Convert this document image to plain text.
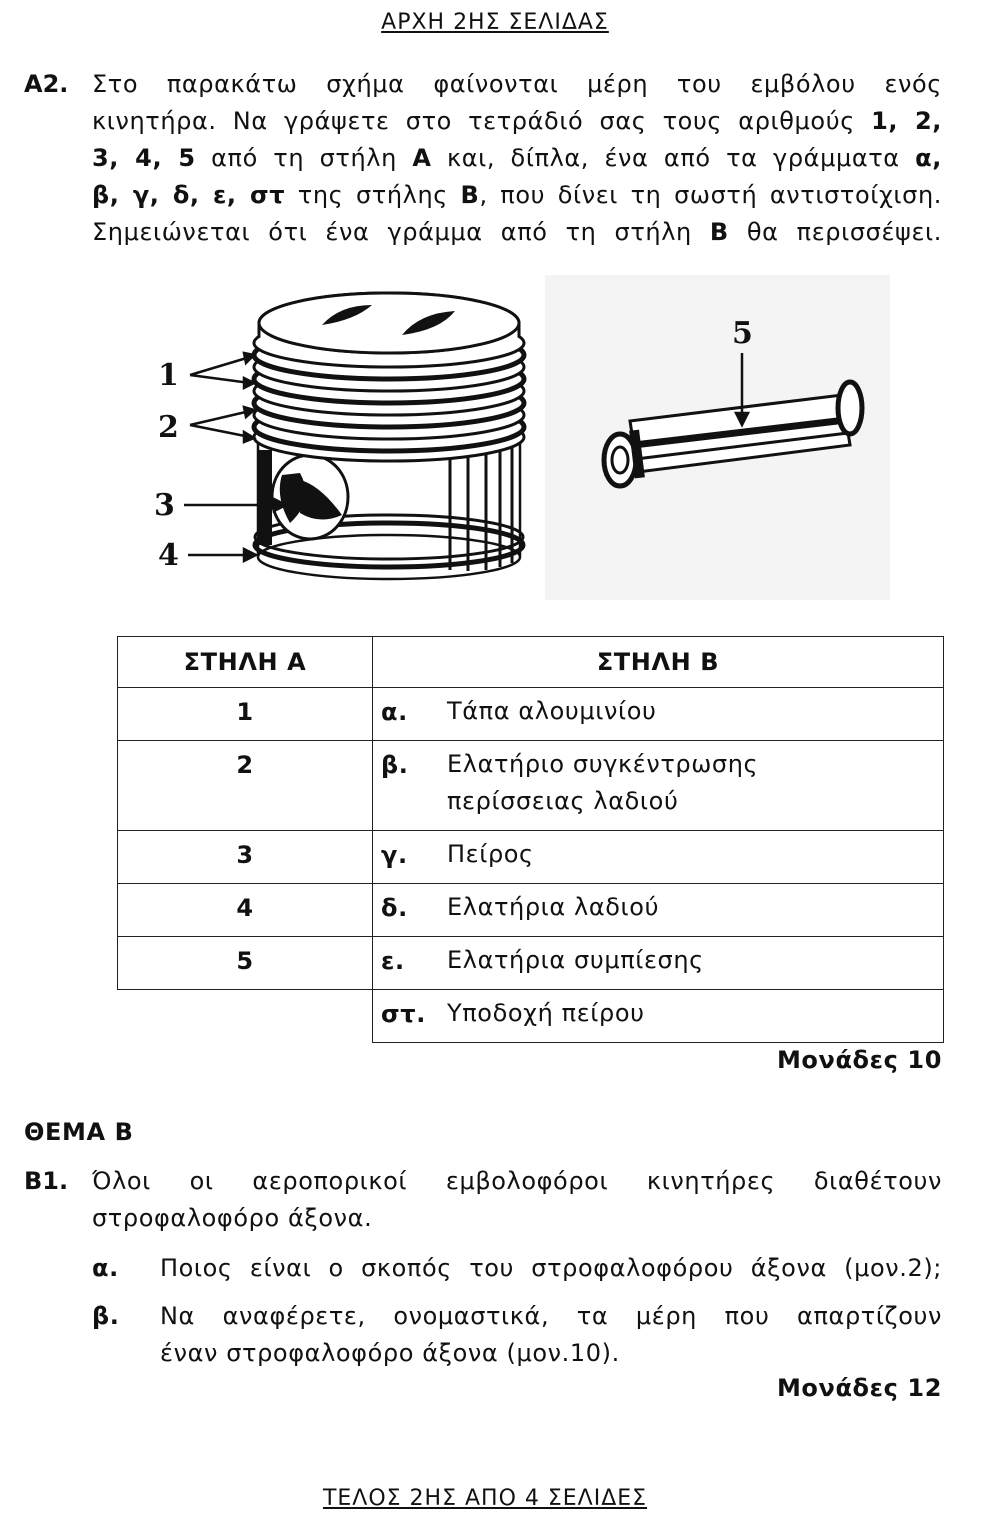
ΑΡΧΗ 2ΗΣ ΣΕΛΙΔΑΣ
Α2. Στο παρακάτω σχήμα φαίνονται μέρη του εμβόλου ενός
κινητήρα. Να γράψετε στο τετράδιό σας τους αριθμούς 1, 2,
3, 4, 5 από τη στήλη Α και, δίπλα, ένα από τα γράμματα α,
β, γ, δ, ε, στ της στήλης Β, που δίνει τη σωστή αντιστοίχιση.
Σημειώνεται ότι ένα γράμμα από τη στήλη Β θα περισσέψει.
1
2
3
4
5
ΣΤΗΛΗ Α	ΣΤΗΛΗ Β
1	α. Τάπα αλουμινίου
2	β. Ελατήριο συγκέντρωσης περίσσειας λαδιού
3	γ. Πείρος
4	δ. Ελατήρια λαδιού
5	ε. Ελατήρια συμπίεσης
	στ. Υποδοχή πείρου
Μονάδες 10
ΘΕΜΑ Β
Β1. Όλοι οι αεροπορικοί εμβολοφόροι κινητήρες διαθέτουν
στροφαλοφόρο άξονα.
α. Ποιος είναι ο σκοπός του στροφαλοφόρου άξονα (μον.2);
β. Να αναφέρετε, ονομαστικά, τα μέρη που απαρτίζουν
έναν στροφαλοφόρο άξονα (μον.10).
Μονάδες 12
ΤΕΛΟΣ 2ΗΣ ΑΠΟ 4 ΣΕΛΙΔΕΣ
